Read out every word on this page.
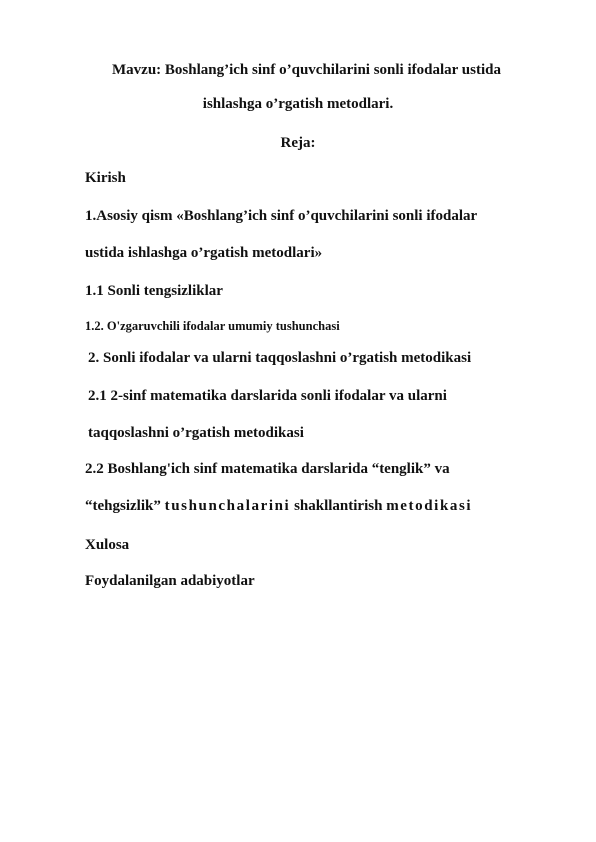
Mavzu: Boshlang’ich sinf o’quvchilarini sonli ifodalar ustida
ishlashga o’rgatish metodlari.
Reja:
Kirish
1.Asosiy qism «Boshlang’ich sinf o’quvchilarini sonli ifodalar
ustida ishlashga o’rgatish metodlari»
1.1 Sonli tengsizliklar
1.2. O'zgaruvchili ifodalar umumiy tushunchasi
2. Sonli ifodalar va ularni taqqoslashni o’rgatish metodikasi
2.1 2-sinf matematika darslarida sonli ifodalar va ularni
taqqoslashni o’rgatish metodikasi
2.2 Boshlang'ich sinf matematika darslarida “tenglik” va
“tehgsizlik” tushunchalarini shakllantirish metodikasi
Xulosa
Foydalanilgan adabiyotlar
